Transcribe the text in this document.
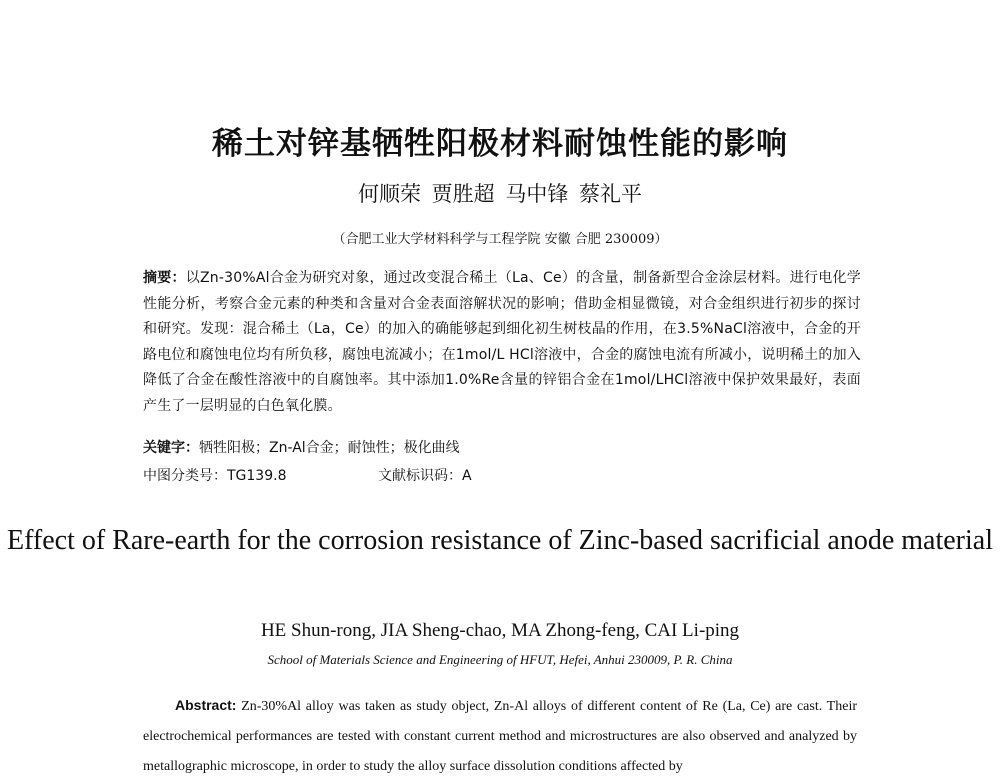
稀土对锌基牺牲阳极材料耐蚀性能的影响
何顺荣 贾胜超 马中锋 蔡礼平
（合肥工业大学材料科学与工程学院 安徽 合肥 230009）
摘要：以Zn-30%Al合金为研究对象，通过改变混合稀土（La、Ce）的含量，制备新型合金涂层材料。进行电化学性能分析，考察合金元素的种类和含量对合金表面溶解状况的影响；借助金相显微镜，对合金组织进行初步的探讨和研究。发现：混合稀土（La，Ce）的加入的确能够起到细化初生树枝晶的作用，在3.5%NaCl溶液中，合金的开路电位和腐蚀电位均有所负移，腐蚀电流减小；在1mol/L HCl溶液中，合金的腐蚀电流有所减小，说明稀土的加入降低了合金在酸性溶液中的自腐蚀率。其中添加1.0%Re含量的锌铝合金在1mol/LHCl溶液中保护效果最好，表面产生了一层明显的白色氧化膜。
关键字：牺牲阳极；Zn-Al合金；耐蚀性；极化曲线
中图分类号：TG139.8	文献标识码：A
Effect of Rare-earth for the corrosion resistance of Zinc-based sacrificial anode material
HE Shun-rong, JIA Sheng-chao, MA Zhong-feng, CAI Li-ping
School of Materials Science and Engineering of HFUT, Hefei, Anhui 230009, P. R. China
Abstract: Zn-30%Al alloy was taken as study object, Zn-Al alloys of different content of Re (La, Ce) are cast. Their electrochemical performances are tested with constant current method and microstructures are also observed and analyzed by metallographic microscope, in order to study the alloy surface dissolution conditions affected by
